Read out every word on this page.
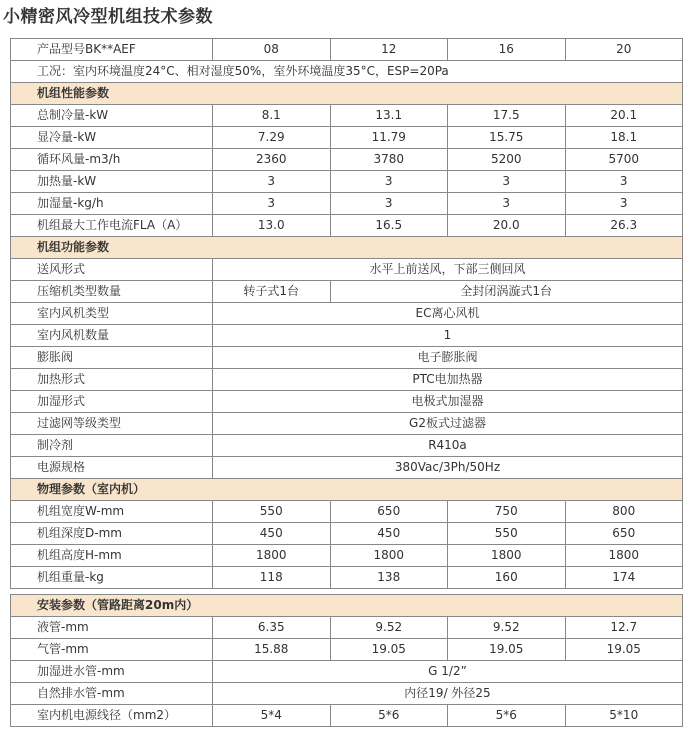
小精密风冷型机组技术参数
产品型号BK**AEF	08	12	16	20
工况：室内环境温度24°C、相对湿度50%，室外环境温度35°C，ESP=20Pa				
机组性能参数				
总制冷量-kW	8.1	13.1	17.5	20.1
显冷量-kW	7.29	11.79	15.75	18.1
循环风量-m3/h	2360	3780	5200	5700
加热量-kW	3	3	3	3
加湿量-kg/h	3	3	3	3
机组最大工作电流FLA（A）	13.0	16.5	20.0	26.3
机组功能参数				
送风形式	水平上前送风，下部三侧回风			
压缩机类型数量	转子式1台	全封闭涡漩式1台		
室内风机类型	EC离心风机			
室内风机数量	1			
膨胀阀	电子膨胀阀			
加热形式	PTC电加热器			
加湿形式	电极式加湿器			
过滤网等级类型	G2板式过滤器			
制冷剂	R410a			
电源规格	380Vac/3Ph/50Hz			
物理参数（室内机）				
机组宽度W-mm	550	650	750	800
机组深度D-mm	450	450	550	650
机组高度H-mm	1800	1800	1800	1800
机组重量-kg	118	138	160	174
安装参数（管路距离20m内）				
液管-mm	6.35	9.52	9.52	12.7
气管-mm	15.88	19.05	19.05	19.05
加湿进水管-mm	G 1/2”			
自然排水管-mm	内径19/ 外径25			
室内机电源线径（mm2）	5*4	5*6	5*6	5*10
